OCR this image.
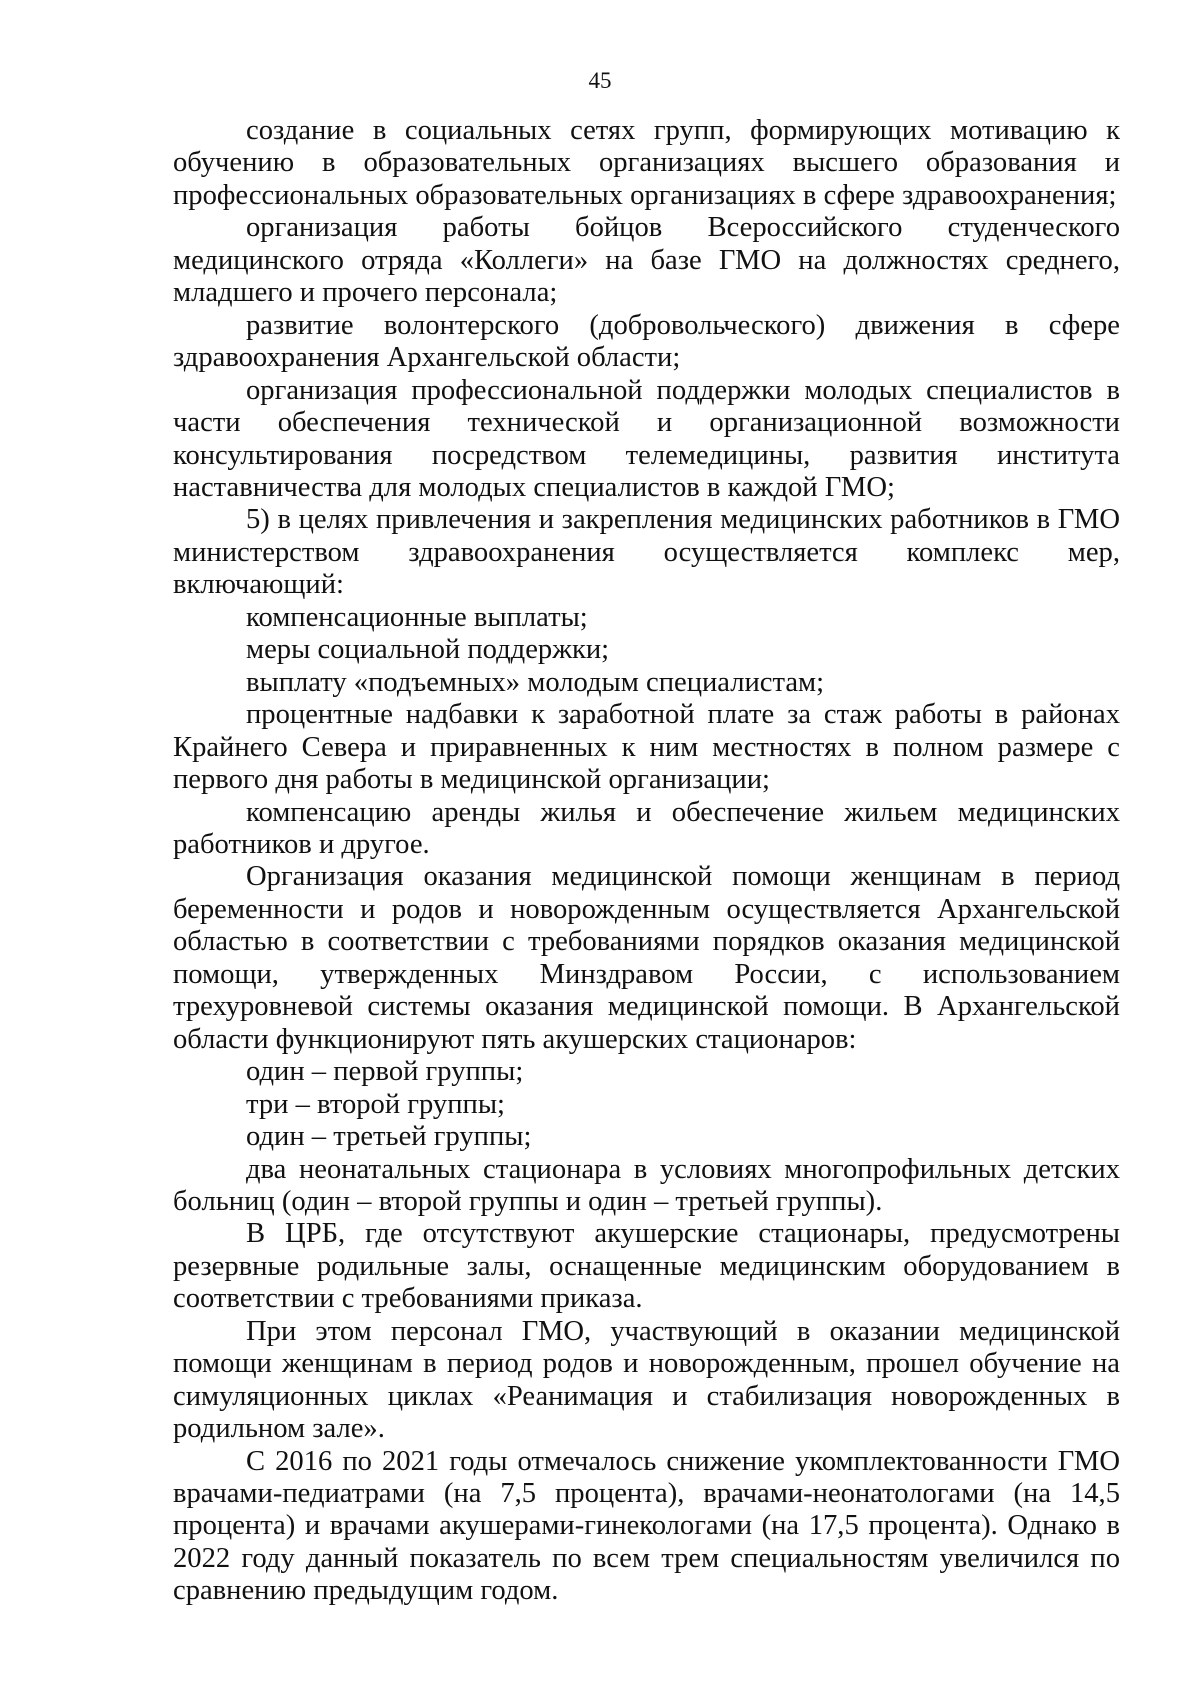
45

создание в социальных сетях групп, формирующих мотивацию к обучению в образовательных организациях высшего образования и профессиональных образовательных организациях в сфере здравоохранения;

организация работы бойцов Всероссийского студенческого медицинского отряда «Коллеги» на базе ГМО на должностях среднего, младшего и прочего персонала;

развитие волонтерского (добровольческого) движения в сфере здравоохранения Архангельской области;

организация профессиональной поддержки молодых специалистов в части обеспечения технической и организационной возможности консультирования посредством телемедицины, развития института наставничества для молодых специалистов в каждой ГМО;

5) в целях привлечения и закрепления медицинских работников в ГМО министерством здравоохранения осуществляется комплекс мер, включающий:

компенсационные выплаты;

меры социальной поддержки;

выплату «подъемных» молодым специалистам;

процентные надбавки к заработной плате за стаж работы в районах Крайнего Севера и приравненных к ним местностях в полном размере с первого дня работы в медицинской организации;

компенсацию аренды жилья и обеспечение жильем медицинских работников и другое.

Организация оказания медицинской помощи женщинам в период беременности и родов и новорожденным осуществляется Архангельской областью в соответствии с требованиями порядков оказания медицинской помощи, утвержденных Минздравом России, с использованием трехуровневой системы оказания медицинской помощи. В Архангельской области функционируют пять акушерских стационаров:

один – первой группы;

три – второй группы;

один – третьей группы;

два неонатальных стационара в условиях многопрофильных детских больниц (один – второй группы и один – третьей группы).

В ЦРБ, где отсутствуют акушерские стационары, предусмотрены резервные родильные залы, оснащенные медицинским оборудованием в соответствии с требованиями приказа.

При этом персонал ГМО, участвующий в оказании медицинской помощи женщинам в период родов и новорожденным, прошел обучение на симуляционных циклах «Реанимация и стабилизация новорожденных в родильном зале».

С 2016 по 2021 годы отмечалось снижение укомплектованности ГМО врачами-педиатрами (на 7,5 процента), врачами-неонатологами (на 14,5 процента) и врачами акушерами-гинекологами (на 17,5 процента). Однако в 2022 году данный показатель по всем трем специальностям увеличился по сравнению предыдущим годом.
